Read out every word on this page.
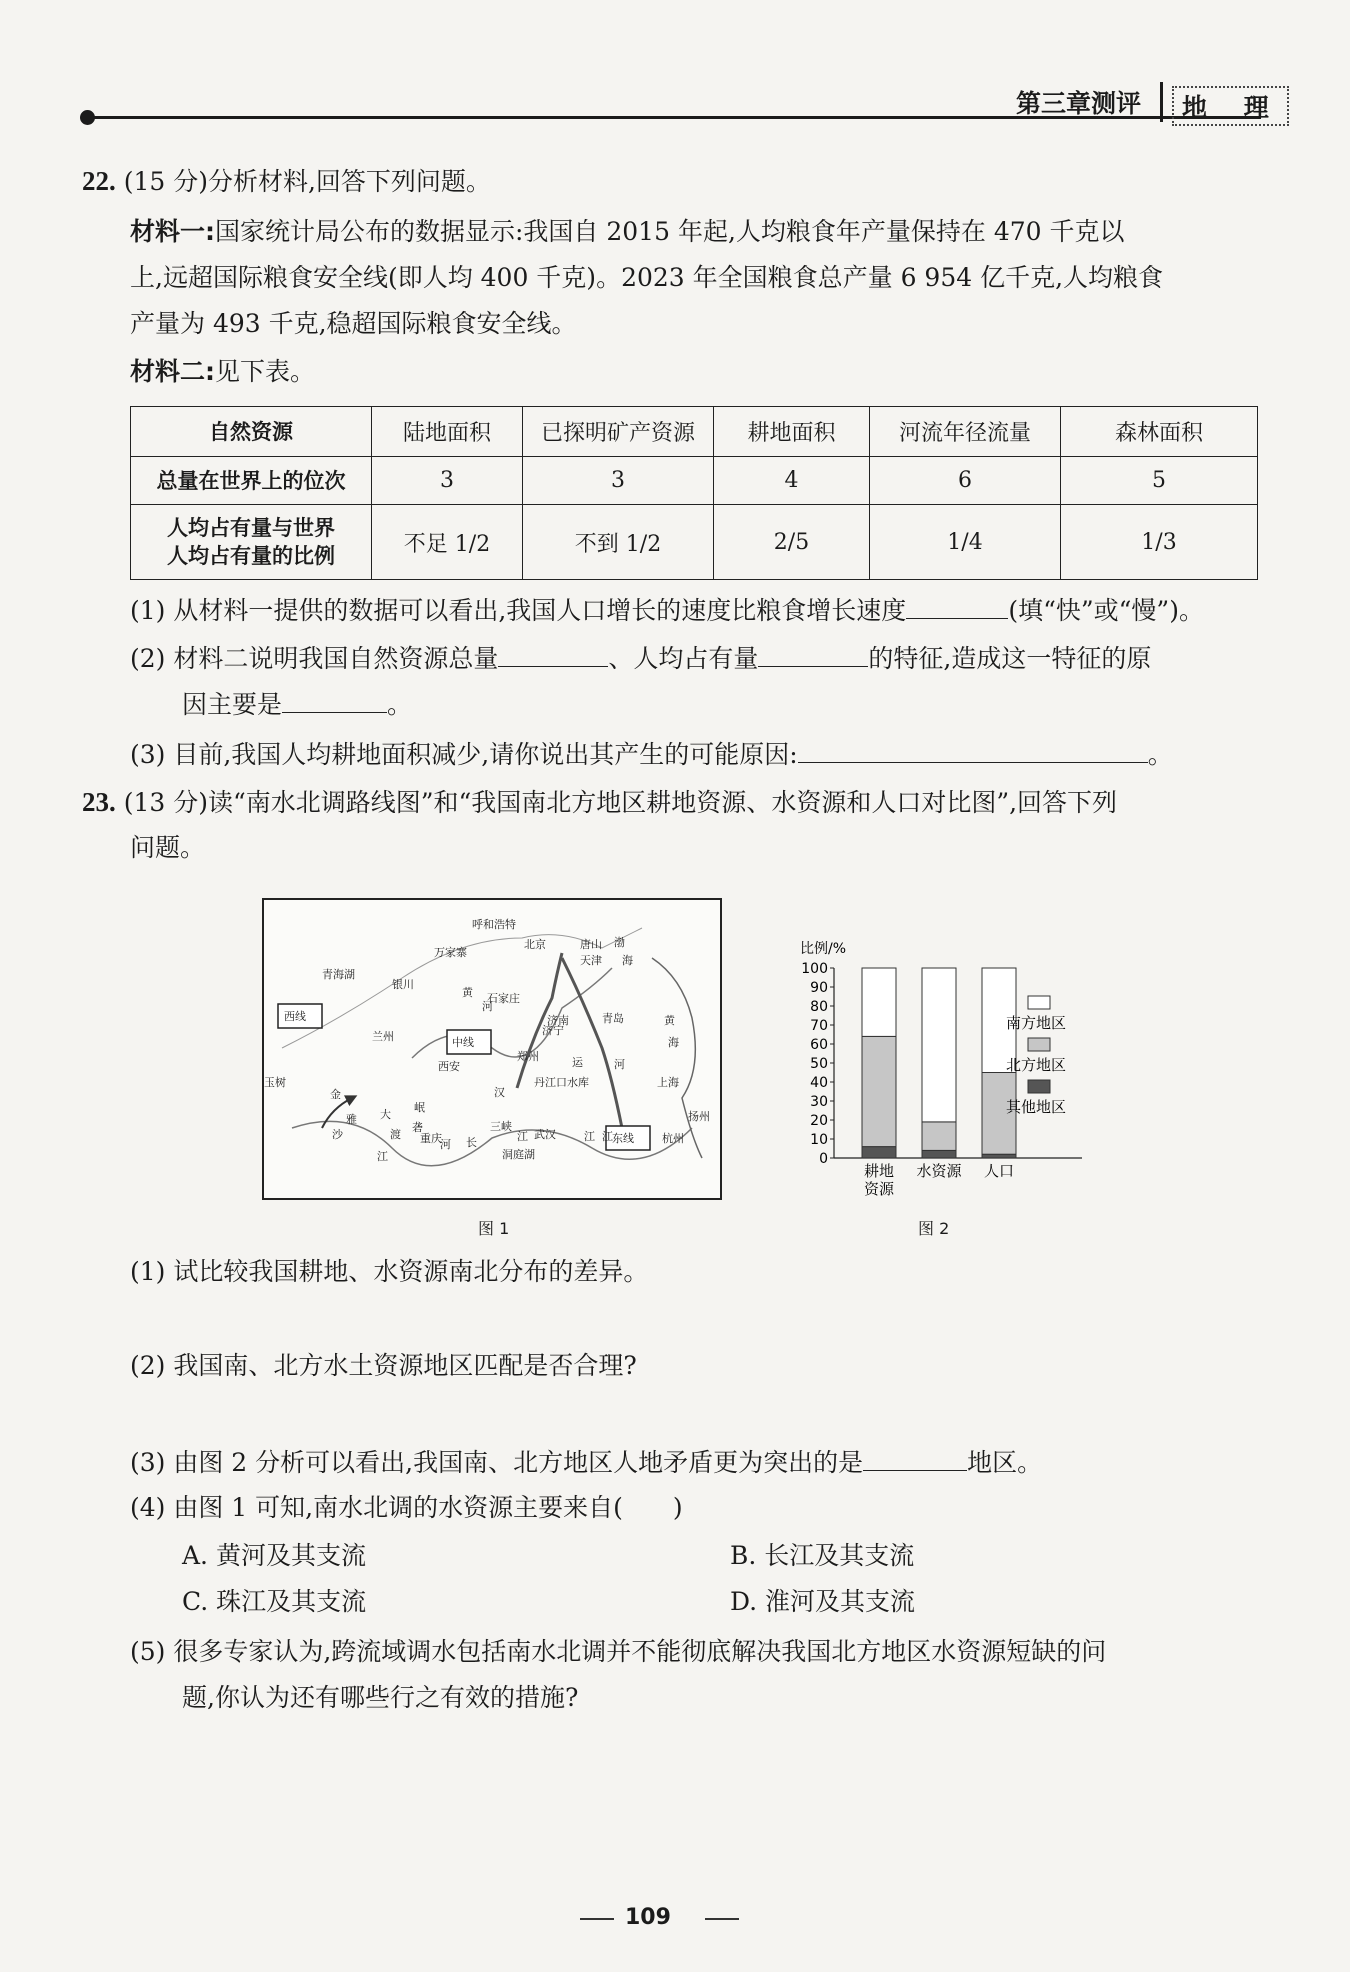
第三章测评	地 理
22. (15 分)分析材料,回答下列问题。
材料一:国家统计局公布的数据显示:我国自 2015 年起,人均粮食年产量保持在 470 千克以
上,远超国际粮食安全线(即人均 400 千克)。2023 年全国粮食总产量 6 954 亿千克,人均粮食
产量为 493 千克,稳超国际粮食安全线。
材料二:见下表。
自然资源	陆地面积	已探明矿产资源	耕地面积	河流年径流量	森林面积
总量在世界上的位次	3	3	4	6	5

人均占有量与世界
人均占有量的比例	不足 1/2	不到 1/2	2/5	1/4	1/3
(1) 从材料一提供的数据可以看出,我国人口增长的速度比粮食增长速度	(填“快”或“慢”)。
(2) 材料二说明我国自然资源总量	、人均占有量	的特征,造成这一特征的原
因主要是	。
(3) 目前,我国人均耕地面积减少,请你说出其产生的可能原因:	。
23. (13 分)读“南水北调路线图”和“我国南北方地区耕地资源、水资源和人口对比图”,回答下列
问题。
呼和浩特
北京	唐山
天津
渤
海
万家寨
银川
青海湖
黄 石家庄
河
济南	青岛	黄
海
西线
中线
兰州
郑州
济宁
西安
汉
丹江口水库
运	河
东线
上海
玉树
金
雅 大
渡
岷
沙
砻
河
江
江	江
重庆 长
三峡
武汉
洞庭湖
杭州
江
扬州
图 1
比例/%
100
90
80
70
60
50
40
30
20
10
0
耕地
资源
水资源 人口
南方地区
北方地区
其他地区
图 2
(1) 试比较我国耕地、水资源南北分布的差异。
(2) 我国南、北方水土资源地区匹配是否合理?
(3) 由图 2 分析可以看出,我国南、北方地区人地矛盾更为突出的是	地区。
(4) 由图 1 可知,南水北调的水资源主要来自(　　)
A. 黄河及其支流	B. 长江及其支流
C. 珠江及其支流	D. 淮河及其支流
(5) 很多专家认为,跨流域调水包括南水北调并不能彻底解决我国北方地区水资源短缺的问
题,你认为还有哪些行之有效的措施?
109
